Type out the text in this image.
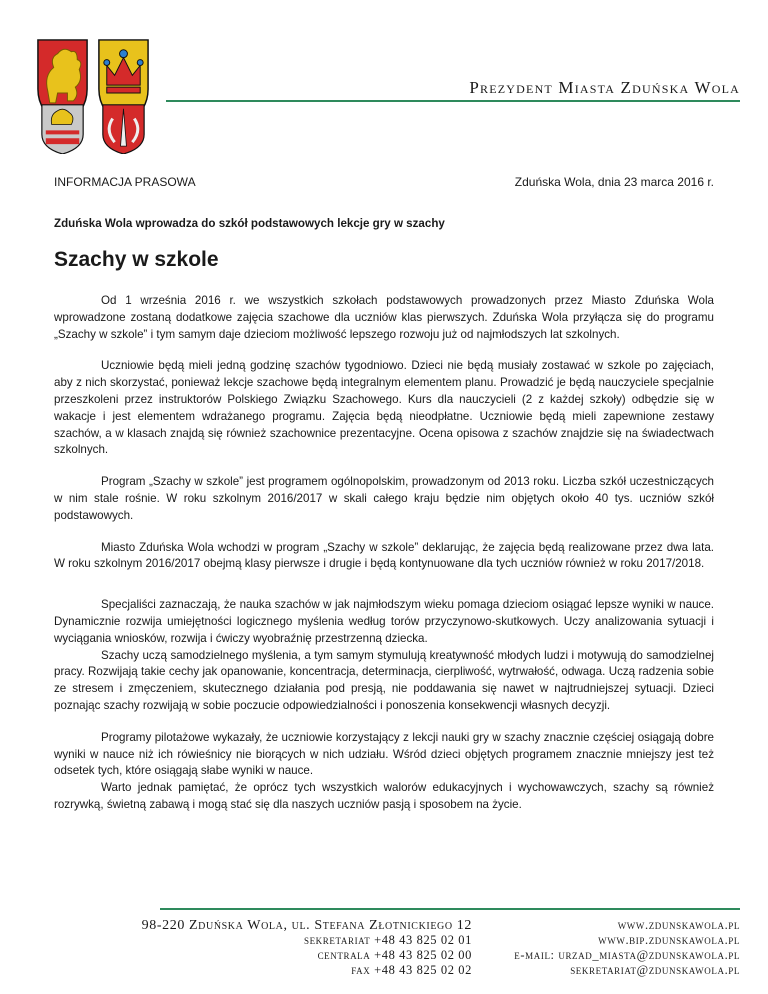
Prezydent Miasta Zduńska Wola
INFORMACJA PRASOWA	Zduńska Wola, dnia 23 marca 2016 r.
Zduńska Wola wprowadza do szkół podstawowych lekcje gry w szachy
Szachy w szkole

Od 1 września 2016 r. we wszystkich szkołach podstawowych prowadzonych przez Miasto Zduńska Wola wprowadzone zostaną dodatkowe zajęcia szachowe dla uczniów klas pierwszych. Zduńska Wola przyłącza się do programu „Szachy w szkole” i tym samym daje dzieciom możliwość lepszego rozwoju już od najmłodszych lat szkolnych.

Uczniowie będą mieli jedną godzinę szachów tygodniowo. Dzieci nie będą musiały zostawać w szkole po zajęciach, aby z nich skorzystać, ponieważ lekcje szachowe będą integralnym elementem planu. Prowadzić je będą nauczyciele specjalnie przeszkoleni przez instruktorów Polskiego Związku Szachowego. Kurs dla nauczycieli (2 z każdej szkoły) odbędzie się w wakacje i jest elementem wdrażanego programu. Zajęcia będą nieodpłatne. Uczniowie będą mieli zapewnione zestawy szachów, a w klasach znajdą się również szachownice prezentacyjne. Ocena opisowa z szachów znajdzie się na świadectwach szkolnych.

Program „Szachy w szkole” jest programem ogólnopolskim, prowadzonym od 2013 roku. Liczba szkół uczestniczących w nim stale rośnie. W roku szkolnym 2016/2017 w skali całego kraju będzie nim objętych około 40 tys. uczniów szkół podstawowych.

Miasto Zduńska Wola wchodzi w program „Szachy w szkole” deklarując, że zajęcia będą realizowane przez dwa lata. W roku szkolnym 2016/2017 obejmą klasy pierwsze i drugie i będą kontynuowane dla tych uczniów również w roku 2017/2018.

Specjaliści zaznaczają, że nauka szachów w jak najmłodszym wieku pomaga dzieciom osiągać lepsze wyniki w nauce. Dynamicznie rozwija umiejętności logicznego myślenia według torów przyczynowo-skutkowych. Uczy analizowania sytuacji i wyciągania wniosków, rozwija i ćwiczy wyobraźnię przestrzenną dziecka.

Szachy uczą samodzielnego myślenia, a tym samym stymulują kreatywność młodych ludzi i motywują do samodzielnej pracy. Rozwijają takie cechy jak opanowanie, koncentracja, determinacja, cierpliwość, wytrwałość, odwaga. Uczą radzenia sobie ze stresem i zmęczeniem, skutecznego działania pod presją, nie poddawania się nawet w najtrudniejszej sytuacji. Dzieci poznając szachy rozwijają w sobie poczucie odpowiedzialności i ponoszenia konsekwencji własnych decyzji.

Programy pilotażowe wykazały, że uczniowie korzystający z lekcji nauki gry w szachy znacznie częściej osiągają dobre wyniki w nauce niż ich rówieśnicy nie biorących w nich udziału. Wśród dzieci objętych programem znacznie mniejszy jest też odsetek tych, które osiągają słabe wyniki w nauce.

Warto jednak pamiętać, że oprócz tych wszystkich walorów edukacyjnych i wychowawczych, szachy są również rozrywką, świetną zabawą i mogą stać się dla naszych uczniów pasją i sposobem na życie.

98-220 Zduńska Wola, ul. Stefana Złotnickiego 12
sekretariat +48 43 825 02 01
centrala +48 43 825 02 00
fax +48 43 825 02 02
www.zdunskawola.pl
www.bip.zdunskawola.pl
e-mail: urzad_miasta@zdunskawola.pl
sekretariat@zdunskawola.pl
